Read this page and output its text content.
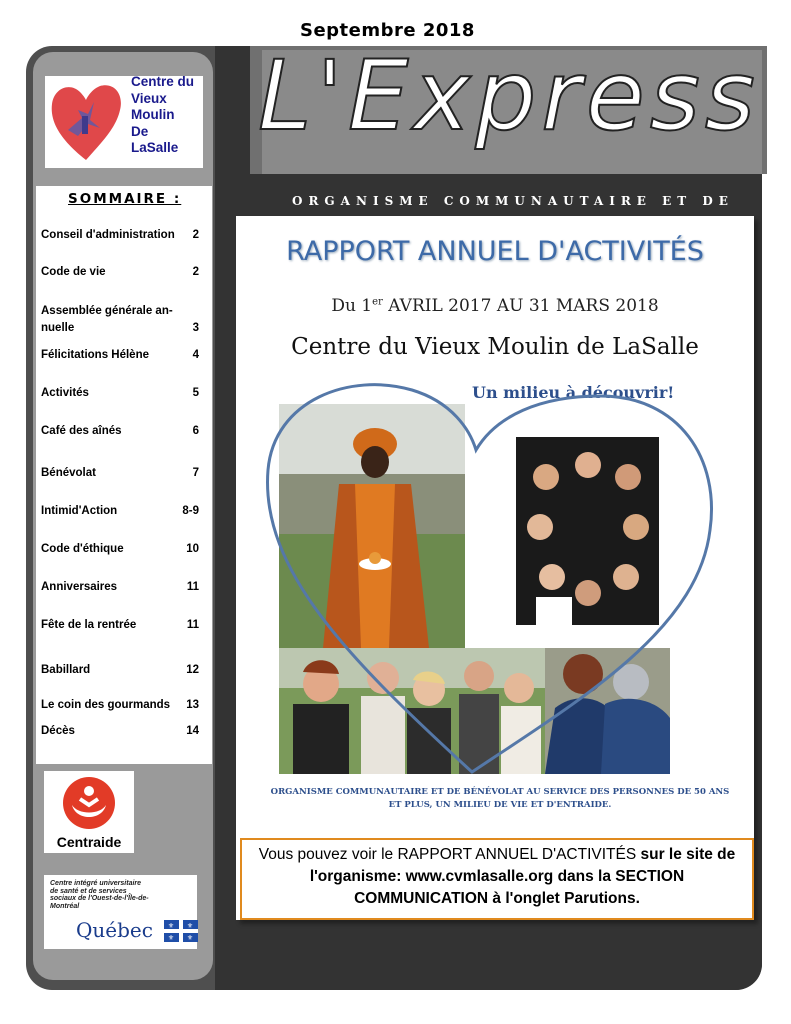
Septembre 2018
Centre du
Vieux
Moulin
De
LaSalle
SOMMAIRE :
Conseil d'administration 2
Code de vie	2
Assemblée générale an-nuelle	3
Félicitations Hélène	4
Activités	5
Café des aînés	6
Bénévolat	7
Intimid'Action	8-9
Code d'éthique	10
Anniversaires	11
Fête de la rentrée	11
Babillard	12
Le coin des gourmands 13
Décès	14
Centraide
Centre intégré universitaire de santé et de services sociaux de l'Ouest-de-l'Île-de-Montréal
Québec ⚜ ⚜
⚜ ⚜
L'Express
ORGANISME COMMUNAUTAIRE ET DE
RAPPORT ANNUEL D'ACTIVITÉS
Du 1er AVRIL 2017 AU 31 MARS 2018
Centre du Vieux Moulin de LaSalle
Un milieu à découvrir!
ORGANISME COMMUNAUTAIRE ET DE BÉNÉVOLAT AU SERVICE DES PERSONNES DE 50 ANS
ET PLUS, UN MILIEU DE VIE ET D'ENTRAIDE.
Vous pouvez voir le RAPPORT ANNUEL D'ACTIVITÉS sur le site de l'organisme: www.cvmlasalle.org dans la SECTION COMMUNICATION à l'onglet Parutions.
